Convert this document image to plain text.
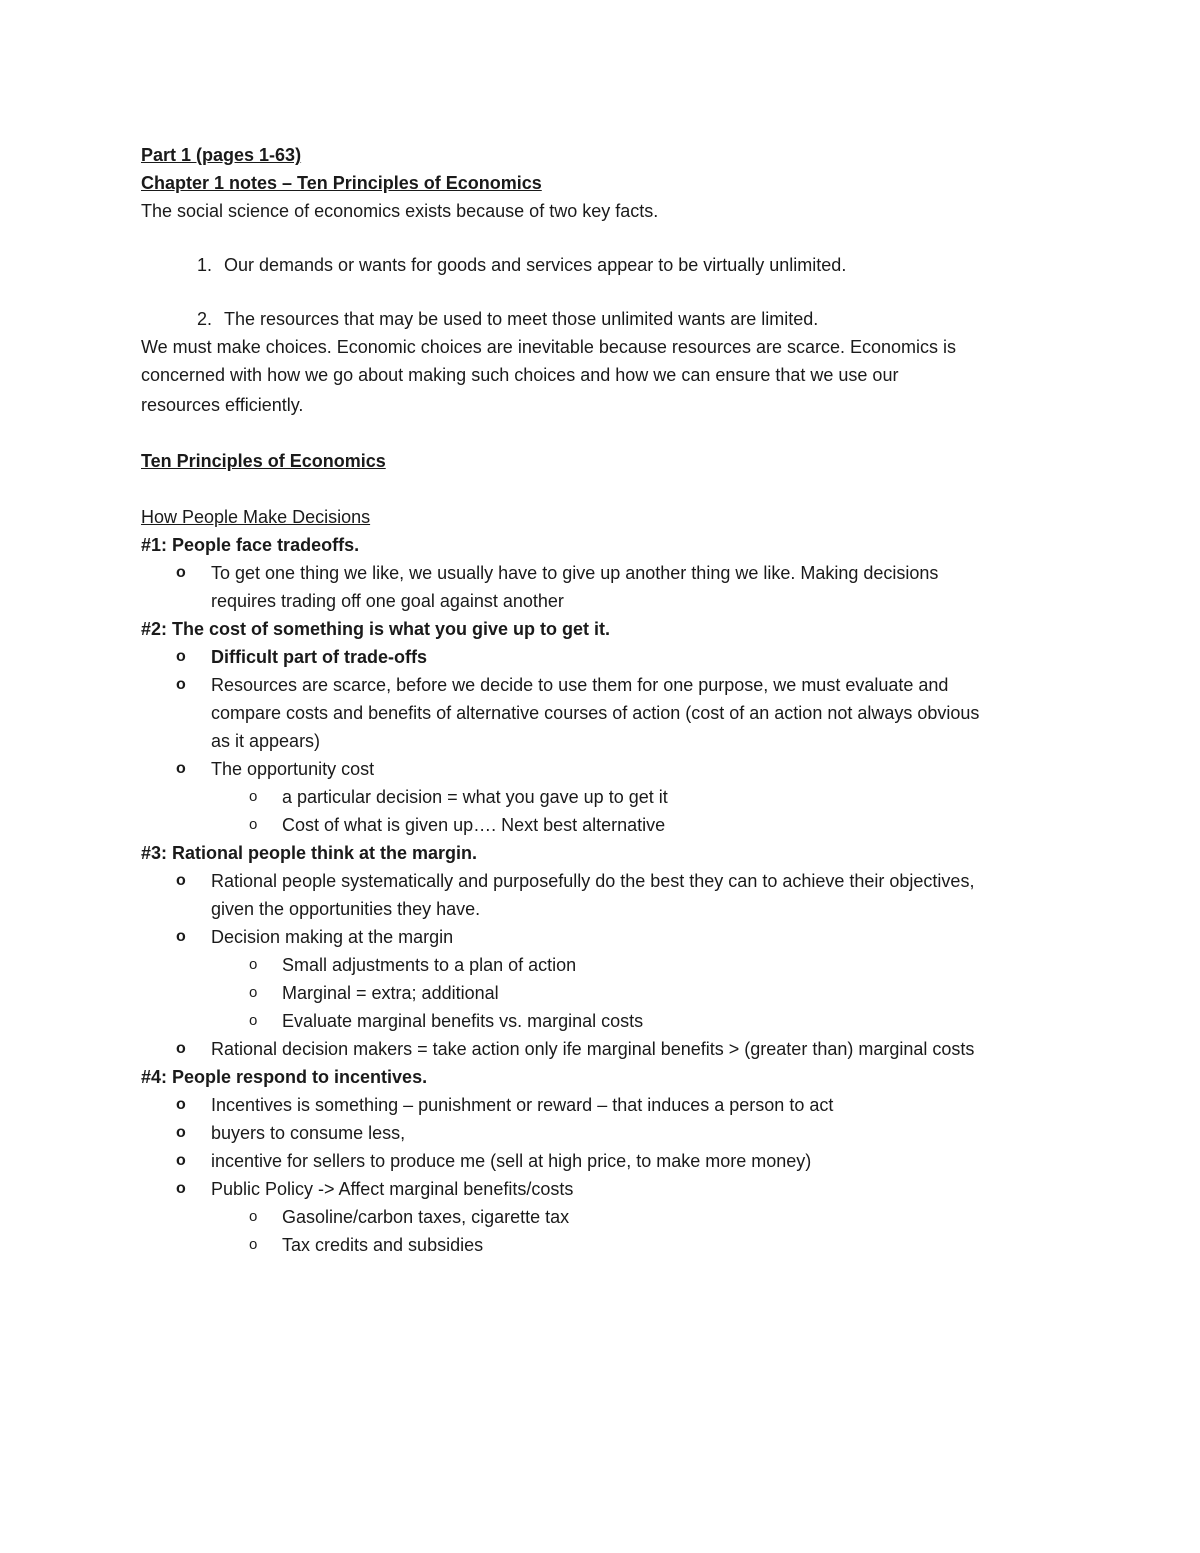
Part 1 (pages 1-63)
Chapter 1 notes – Ten Principles of Economics
The social science of economics exists because of two key facts.
1. Our demands or wants for goods and services appear to be virtually unlimited.
2. The resources that may be used to meet those unlimited wants are limited.
We must make choices. Economic choices are inevitable because resources are scarce. Economics is
concerned with how we go about making such choices and how we can ensure that we use our
resources efficiently.
Ten Principles of Economics
How People Make Decisions
#1: People face tradeoffs.
o To get one thing we like, we usually have to give up another thing we like. Making decisions
requires trading off one goal against another
#2: The cost of something is what you give up to get it.
o Difficult part of trade-offs
o Resources are scarce, before we decide to use them for one purpose, we must evaluate and
compare costs and benefits of alternative courses of action (cost of an action not always obvious
as it appears)
o The opportunity cost
o a particular decision = what you gave up to get it
o Cost of what is given up…. Next best alternative
#3: Rational people think at the margin.
o Rational people systematically and purposefully do the best they can to achieve their objectives,
given the opportunities they have.
o Decision making at the margin
o Small adjustments to a plan of action
o Marginal = extra; additional
o Evaluate marginal benefits vs. marginal costs
o Rational decision makers = take action only ife marginal benefits > (greater than) marginal costs
#4: People respond to incentives.
o Incentives is something – punishment or reward – that induces a person to act
o buyers to consume less,
o incentive for sellers to produce me (sell at high price, to make more money)
o Public Policy -> Affect marginal benefits/costs
o Gasoline/carbon taxes, cigarette tax
o Tax credits and subsidies
